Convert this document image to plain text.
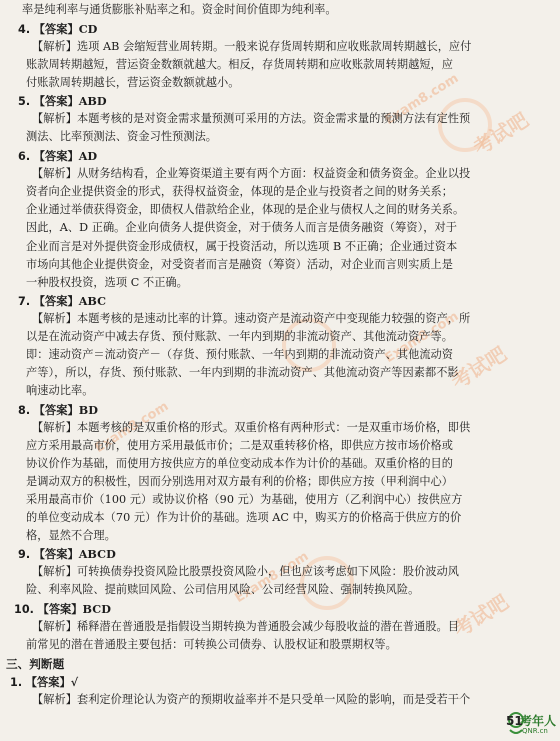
考试吧
Exam8.com
考试吧
Exam8.com
考试吧
Exam8.com
Exam8.com
率是纯利率与通货膨胀补贴率之和。资金时间价值即为纯利率。
4. 【答案】CD
【解析】选项 AB 会缩短营业周转期。一般来说存货周转期和应收账款周转期越长，应付
账款周转期越短，营运资金数额就越大。相反，存货周转期和应收账款周转期越短，应
付账款周转期越长，营运资金数额就越小。
5. 【答案】ABD
【解析】本题考核的是对资金需求量预测可采用的方法。资金需求量的预测方法有定性预
测法、比率预测法、资金习性预测法。
6. 【答案】AD
【解析】从财务结构看，企业筹资渠道主要有两个方面：权益资金和债务资金。企业以投
资者向企业提供资金的形式，获得权益资金，体现的是企业与投资者之间的财务关系；
企业通过举债获得资金，即债权人借款给企业，体现的是企业与债权人之间的财务关系。
因此，A、D 正确。企业向债务人提供资金，对于债务人而言是债务融资（筹资），对于
企业而言是对外提供资金形成债权，属于投资活动，所以选项 B 不正确；企业通过资本
市场向其他企业提供资金，对受资者而言是融资（筹资）活动，对企业而言则实质上是
一种股权投资，选项 C 不正确。
7. 【答案】ABC
【解析】本题考核的是速动比率的计算。速动资产是流动资产中变现能力较强的资产，所
以是在流动资产中减去存货、预付账款、一年内到期的非流动资产、其他流动资产等。
即：速动资产＝流动资产－（存货、预付账款、一年内到期的非流动资产、其他流动资
产等），所以，存货、预付账款、一年内到期的非流动资产、其他流动资产等因素都不影
响速动比率。
8. 【答案】BD
【解析】本题考核的是双重价格的形式。双重价格有两种形式：一是双重市场价格，即供
应方采用最高市价，使用方采用最低市价；二是双重转移价格，即供应方按市场价格或
协议价作为基础，而使用方按供应方的单位变动成本作为计价的基础。双重价格的目的
是调动双方的积极性，因而分别选用对双方最有利的价格；即供应方按（甲利润中心）
采用最高市价（100 元）或协议价格（90 元）为基础，使用方（乙利润中心）按供应方
的单位变动成本（70 元）作为计价的基础。选项 AC 中，购买方的价格高于供应方的价
格，显然不合理。
9. 【答案】ABCD
【解析】可转换债券投资风险比股票投资风险小，但也应该考虑如下风险：股价波动风
险、利率风险、提前赎回风险、公司信用风险、公司经营风险、强制转换风险。
10. 【答案】BCD
【解析】稀释潜在普通股是指假设当期转换为普通股会减少每股收益的潜在普通股。目
前常见的潜在普通股主要包括：可转换公司债券、认股权证和股票期权等。
三、判断题
1. 【答案】√
【解析】套利定价理论认为资产的预期收益率并不是只受单一风险的影响，而是受若干个
51
考年人
QNR.cn
